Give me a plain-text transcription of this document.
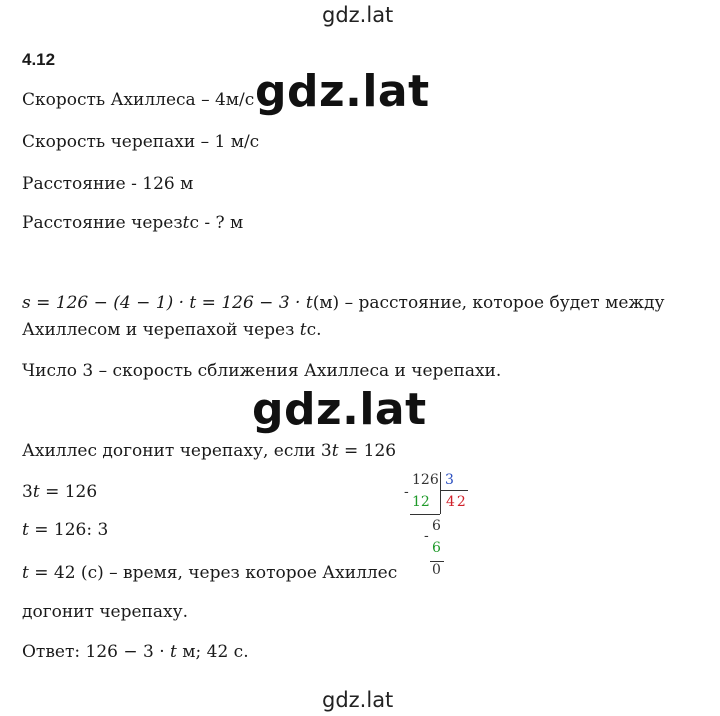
gdz.lat
gdz.lat
gdz.lat
gdz.lat
4.12
Скорость Ахиллеса – 4м/с
Скорость черепахи – 1 м/с
Расстояние - 126 м
Расстояние черезtс - ? м
s = 126 − (4 − 1) · t = 126 − 3 · t(м) – расстояние, которое будет между
Ахиллесом и черепахой через tс.
Число 3 – скорость сближения Ахиллеса и черепахи.
Ахиллес догонит черепаху, если 3t = 126
3t = 126
t = 126: 3
t = 42 (с) – время, через которое Ахиллес
догонит черепаху.
Ответ: 126 − 3 · t м; 42 с.
126 3
-
12 42
6
-
6
0
